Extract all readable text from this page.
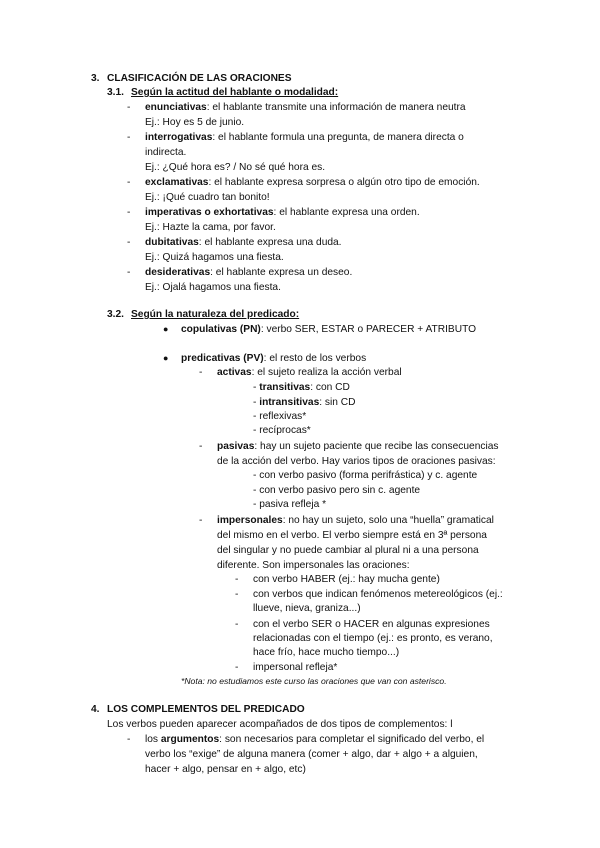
3. CLASIFICACIÓN DE LAS ORACIONES
3.1. Según la actitud del hablante o modalidad:
- enunciativas: el hablante transmite una información de manera neutra
Ej.: Hoy es 5 de junio.
- interrogativas: el hablante formula una pregunta, de manera directa o
indirecta.
Ej.: ¿Qué hora es? / No sé qué hora es.
- exclamativas: el hablante expresa sorpresa o algún otro tipo de emoción.
Ej.: ¡Qué cuadro tan bonito!
- imperativas o exhortativas: el hablante expresa una orden.
Ej.: Hazte la cama, por favor.
- dubitativas: el hablante expresa una duda.
Ej.: Quizá hagamos una fiesta.
- desiderativas: el hablante expresa un deseo.
Ej.: Ojalá hagamos una fiesta.
3.2. Según la naturaleza del predicado:
● copulativas (PN): verbo SER, ESTAR o PARECER + ATRIBUTO
● predicativas (PV): el resto de los verbos
- activas: el sujeto realiza la acción verbal
- transitivas: con CD
- intransitivas: sin CD
- reflexivas*
- recíprocas*
- pasivas: hay un sujeto paciente que recibe las consecuencias
de la acción del verbo. Hay varios tipos de oraciones pasivas:
- con verbo pasivo (forma perifrástica) y c. agente
- con verbo pasivo pero sin c. agente
- pasiva refleja *
- impersonales: no hay un sujeto, solo una “huella” gramatical
del mismo en el verbo. El verbo siempre está en 3ª persona
del singular y no puede cambiar al plural ni a una persona
diferente. Son impersonales las oraciones:
- con verbo HABER (ej.: hay mucha gente)
- con verbos que indican fenómenos metereológicos (ej.:
llueve, nieva, graniza...)
- con el verbo SER o HACER en algunas expresiones
relacionadas con el tiempo (ej.: es pronto, es verano,
hace frío, hace mucho tiempo...)
- impersonal refleja*
*Nota: no estudiamos este curso las oraciones que van con asterisco.
4. LOS COMPLEMENTOS DEL PREDICADO
Los verbos pueden aparecer acompañados de dos tipos de complementos: l
- los argumentos: son necesarios para completar el significado del verbo, el
verbo los “exige” de alguna manera (comer + algo, dar + algo + a alguien,
hacer + algo, pensar en + algo, etc)
